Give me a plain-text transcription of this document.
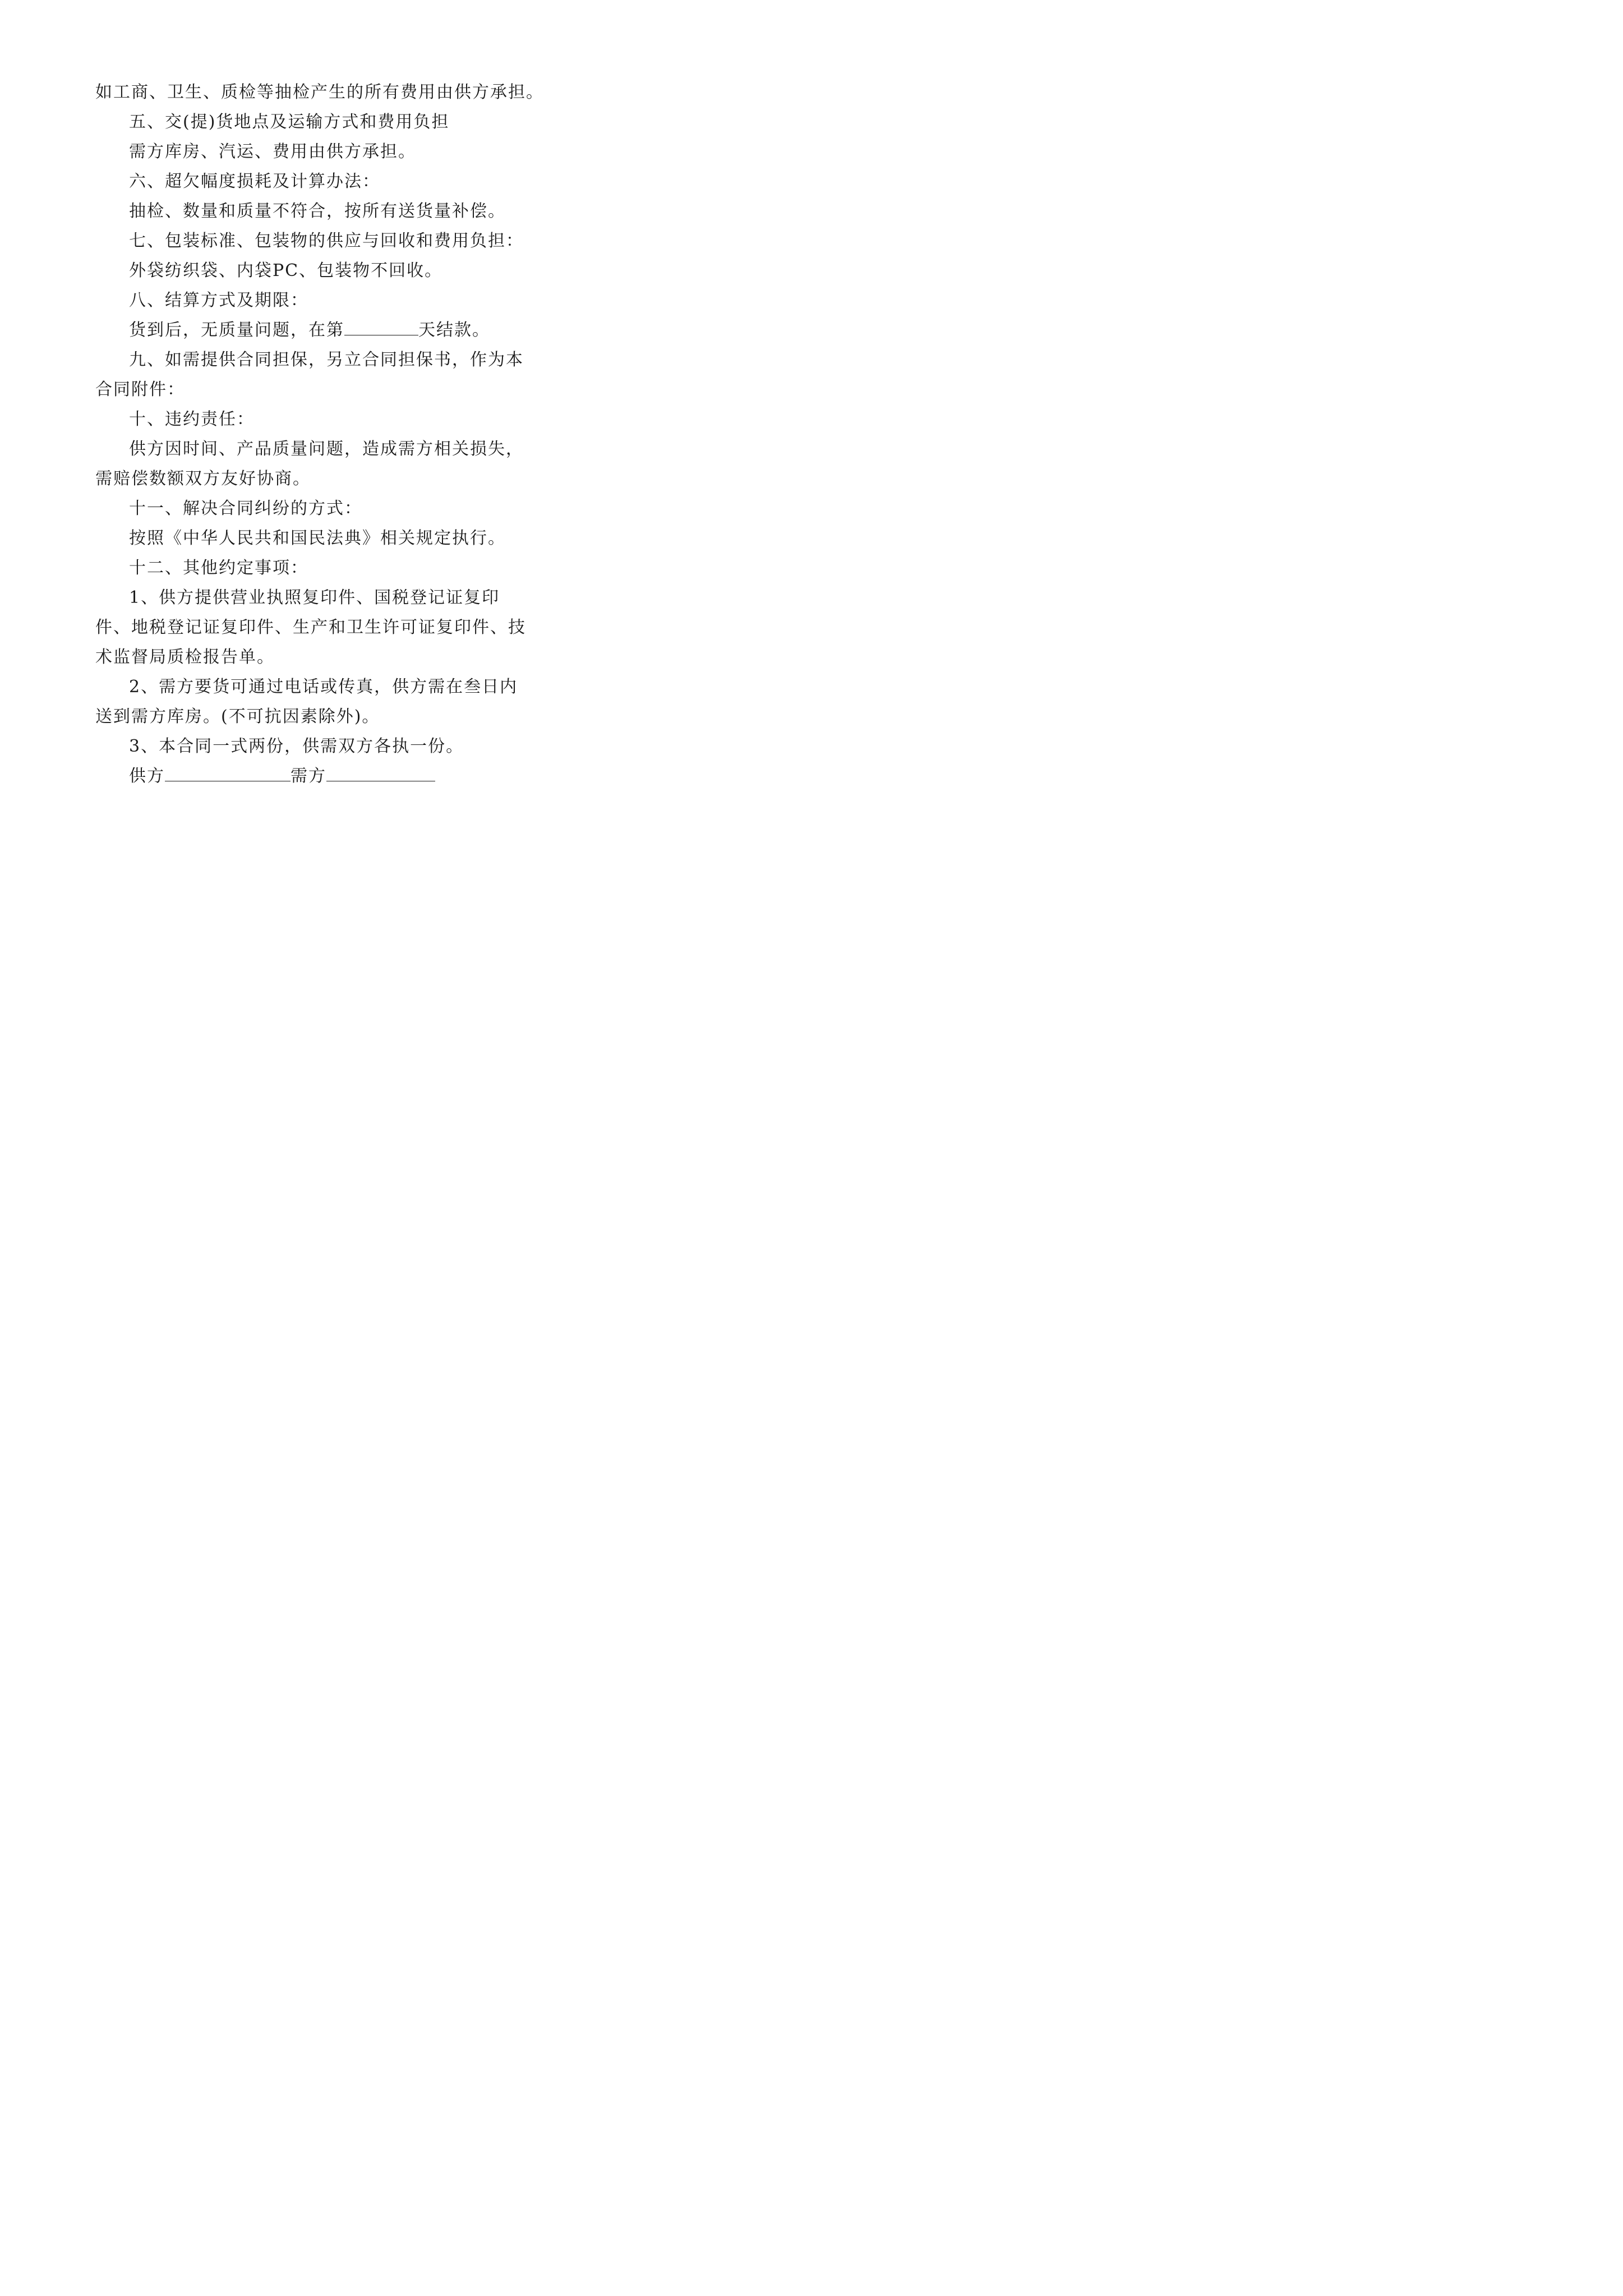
如工商、卫生、质检等抽检产生的所有费用由供方承担。

五、交(提)货地点及运输方式和费用负担

需方库房、汽运、费用由供方承担。

六、超欠幅度损耗及计算办法：

抽检、数量和质量不符合，按所有送货量补偿。

七、包装标准、包装物的供应与回收和费用负担：

外袋纺织袋、内袋PC、包装物不回收。

八、结算方式及期限：

货到后，无质量问题，在第	天结款。

九、如需提供合同担保，另立合同担保书，作为本合同附件：

十、违约责任：

供方因时间、产品质量问题，造成需方相关损失，需赔偿数额双方友好协商。

十一、解决合同纠纷的方式：

按照《中华人民共和国民法典》相关规定执行。

十二、其他约定事项：

1、供方提供营业执照复印件、国税登记证复印件、地税登记证复印件、生产和卫生许可证复印件、技术监督局质检报告单。

2、需方要货可通过电话或传真，供方需在叁日内送到需方库房。(不可抗因素除外)。

3、本合同一式两份，供需双方各执一份。

供方	需方
